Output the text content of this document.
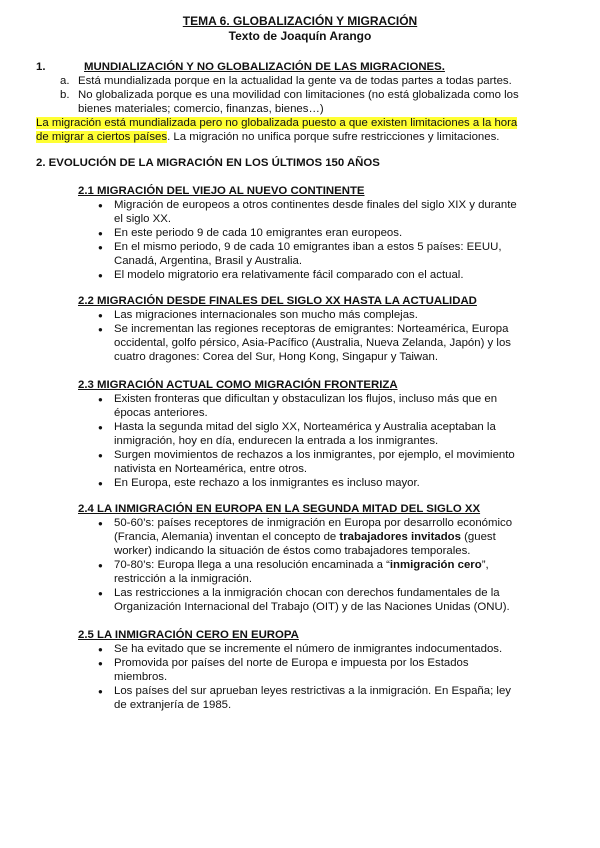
TEMA 6. GLOBALIZACIÓN Y MIGRACIÓN
Texto de Joaquín Arango
1.	MUNDIALIZACIÓN Y NO GLOBALIZACIÓN DE LAS MIGRACIONES.
a. Está mundializada porque en la actualidad la gente va de todas partes a todas partes.
b. No globalizada porque es una movilidad con limitaciones (no está globalizada como los
bienes materiales; comercio, finanzas, bienes…)
La migración está mundializada pero no globalizada puesto a que existen limitaciones a la hora
de migrar a ciertos países. La migración no unifica porque sufre restricciones y limitaciones.
2. EVOLUCIÓN DE LA MIGRACIÓN EN LOS ÚLTIMOS 150 AÑOS
2.1 MIGRACIÓN DEL VIEJO AL NUEVO CONTINENTE
● Migración de europeos a otros continentes desde finales del siglo XIX y durante
el siglo XX.
● En este periodo 9 de cada 10 emigrantes eran europeos.
● En el mismo periodo, 9 de cada 10 emigrantes iban a estos 5 países: EEUU,
Canadá, Argentina, Brasil y Australia.
● El modelo migratorio era relativamente fácil comparado con el actual.
2.2 MIGRACIÓN DESDE FINALES DEL SIGLO XX HASTA LA ACTUALIDAD
● Las migraciones internacionales son mucho más complejas.
● Se incrementan las regiones receptoras de emigrantes: Norteamérica, Europa
occidental, golfo pérsico, Asia-Pacífico (Australia, Nueva Zelanda, Japón) y los
cuatro dragones: Corea del Sur, Hong Kong, Singapur y Taiwan.
2.3 MIGRACIÓN ACTUAL COMO MIGRACIÓN FRONTERIZA
● Existen fronteras que dificultan y obstaculizan los flujos, incluso más que en
épocas anteriores.
● Hasta la segunda mitad del siglo XX, Norteamérica y Australia aceptaban la
inmigración, hoy en día, endurecen la entrada a los inmigrantes.
● Surgen movimientos de rechazos a los inmigrantes, por ejemplo, el movimiento
nativista en Norteamérica, entre otros.
● En Europa, este rechazo a los inmigrantes es incluso mayor.
2.4 LA INMIGRACIÓN EN EUROPA EN LA SEGUNDA MITAD DEL SIGLO XX
● 50-60’s: países receptores de inmigración en Europa por desarrollo económico
(Francia, Alemania) inventan el concepto de trabajadores invitados (guest
worker) indicando la situación de éstos como trabajadores temporales.
● 70-80’s: Europa llega a una resolución encaminada a “inmigración cero”,
restricción a la inmigración.
● Las restricciones a la inmigración chocan con derechos fundamentales de la
Organización Internacional del Trabajo (OIT) y de las Naciones Unidas (ONU).
2.5 LA INMIGRACIÓN CERO EN EUROPA
● Se ha evitado que se incremente el número de inmigrantes indocumentados.
● Promovida por países del norte de Europa e impuesta por los Estados
miembros.
● Los países del sur aprueban leyes restrictivas a la inmigración. En España; ley
de extranjería de 1985.
